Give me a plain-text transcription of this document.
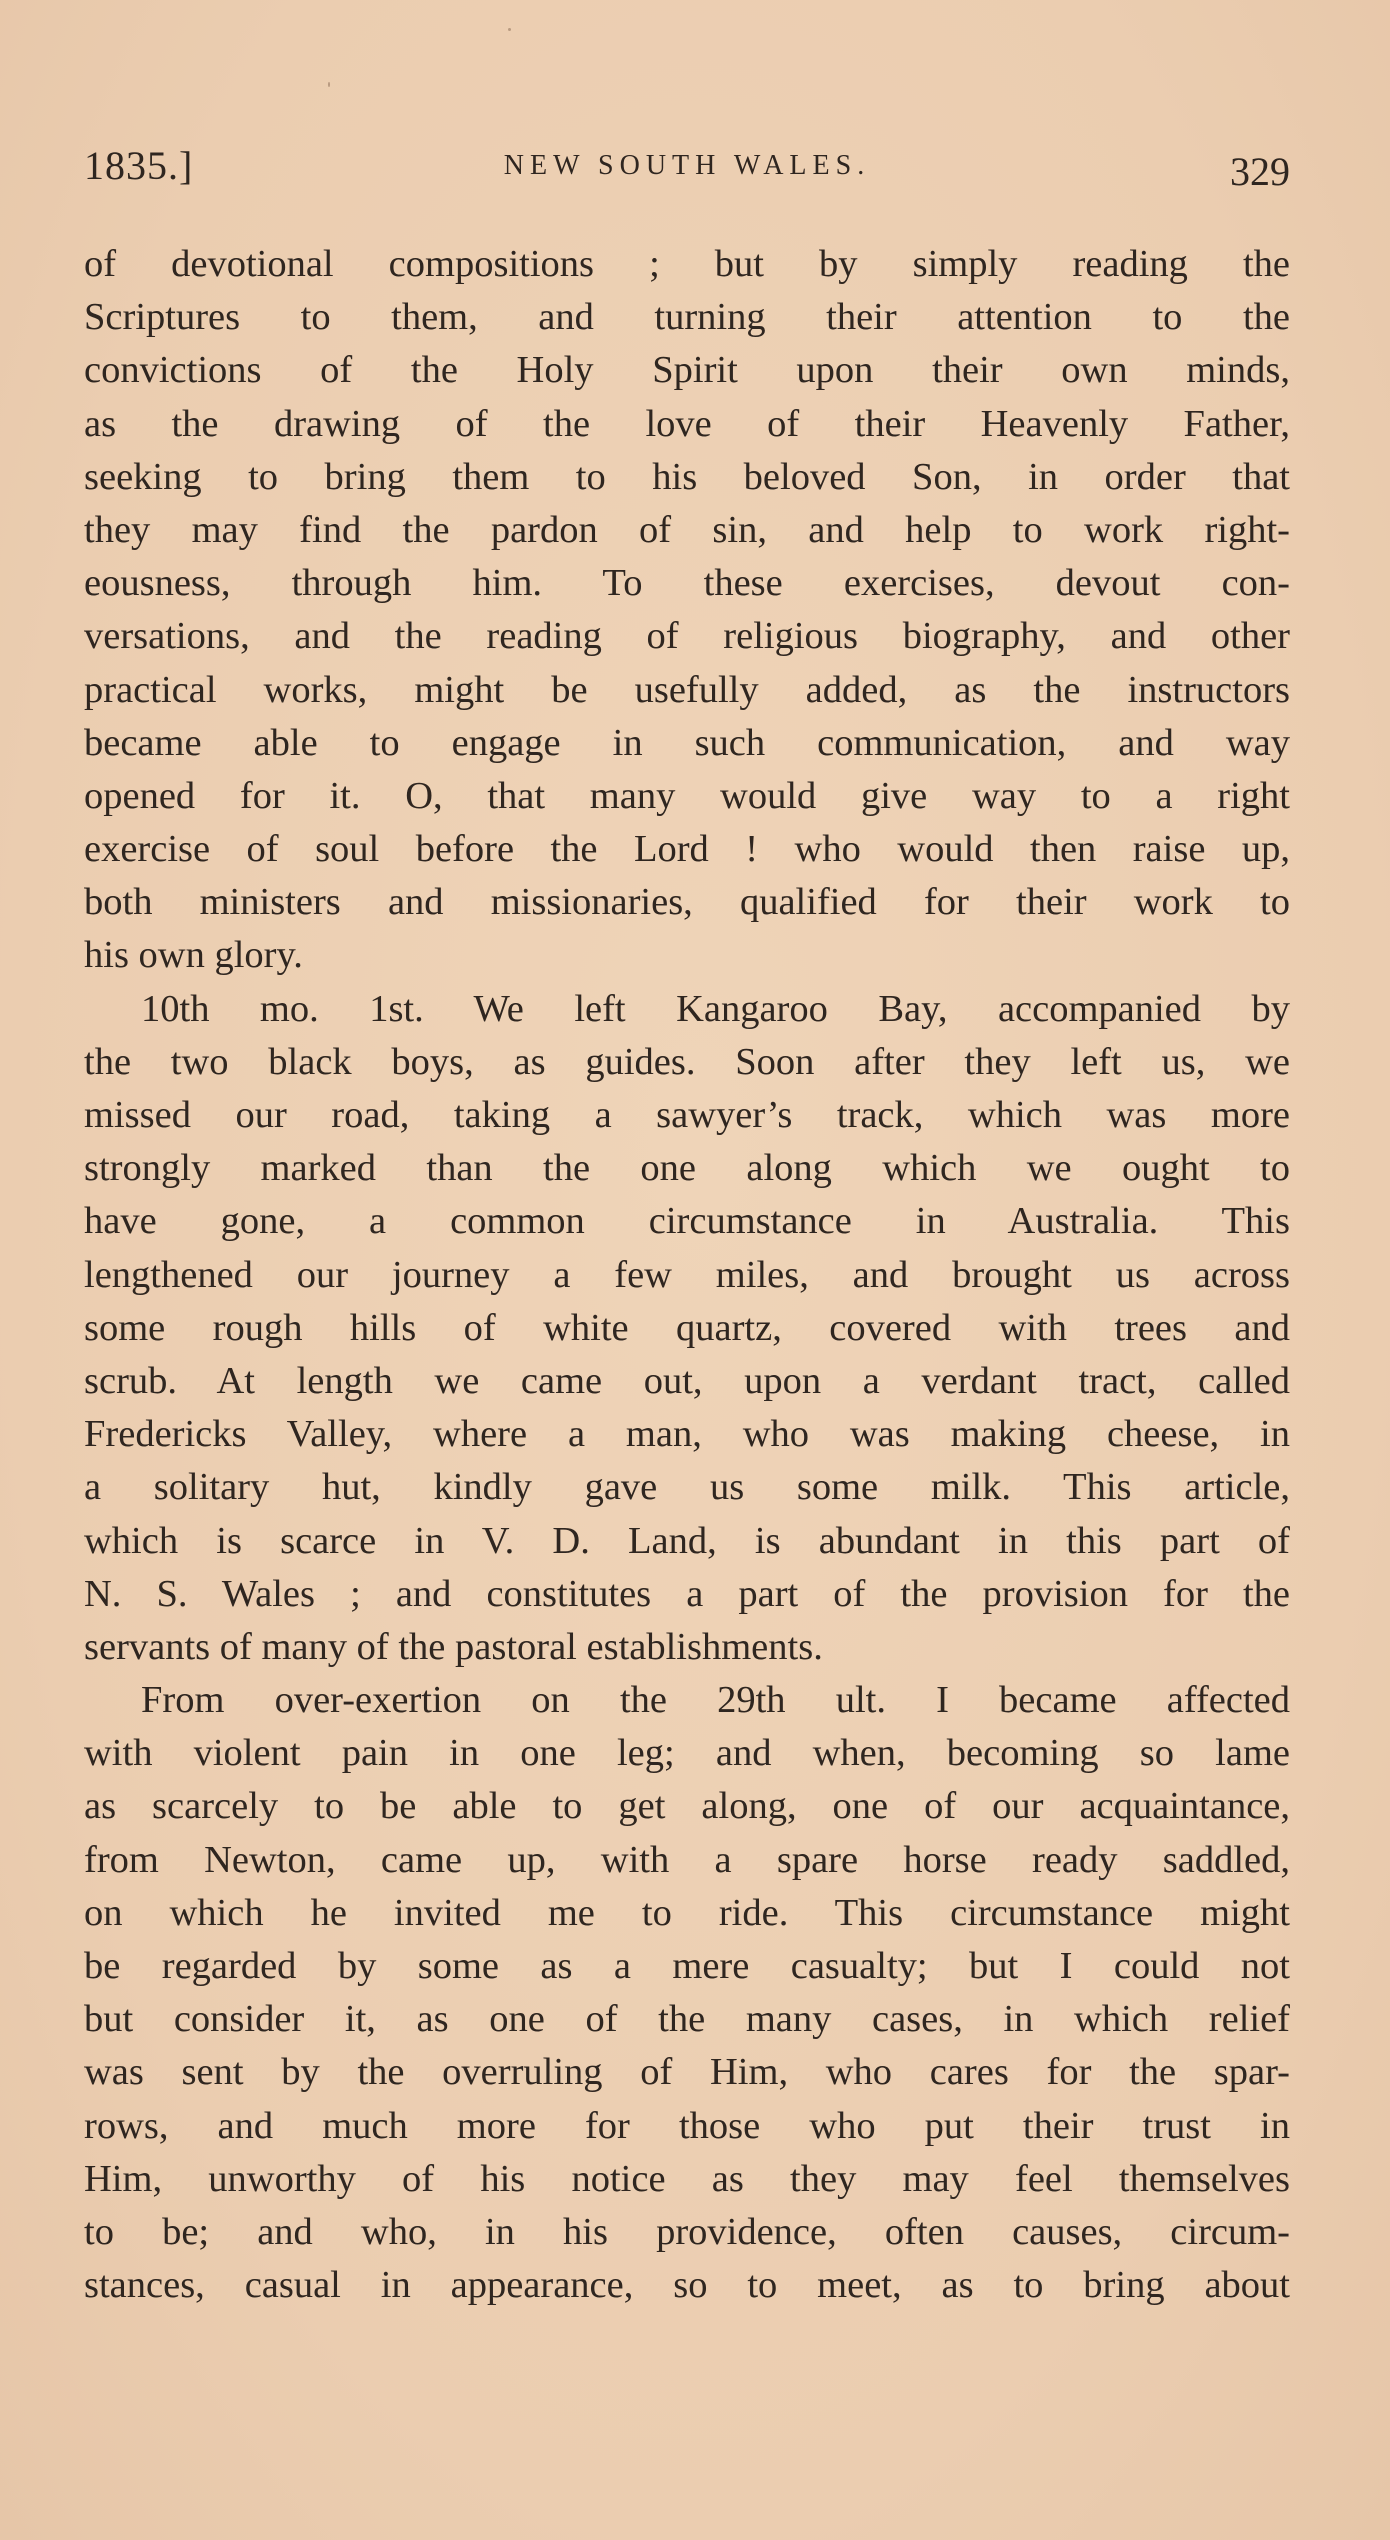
1835.]	NEW SOUTH WALES.	329
of devotional compositions ; but by simply reading the
Scriptures to them, and turning their attention to the
convictions of the Holy Spirit upon their own minds,
as the drawing of the love of their Heavenly Father,
seeking to bring them to his beloved Son, in order that
they may find the pardon of sin, and help to work right-
eousness, through him. To these exercises, devout con-
versations, and the reading of religious biography, and other
practical works, might be usefully added, as the instructors
became able to engage in such communication, and way
opened for it. O, that many would give way to a right
exercise of soul before the Lord ! who would then raise up,
both ministers and missionaries, qualified for their work to
his own glory.
10th mo. 1st. We left Kangaroo Bay, accompanied by
the two black boys, as guides. Soon after they left us, we
missed our road, taking a sawyer’s track, which was more
strongly marked than the one along which we ought to
have gone, a common circumstance in Australia. This
lengthened our journey a few miles, and brought us across
some rough hills of white quartz, covered with trees and
scrub. At length we came out, upon a verdant tract, called
Fredericks Valley, where a man, who was making cheese, in
a solitary hut, kindly gave us some milk. This article,
which is scarce in V. D. Land, is abundant in this part of
N. S. Wales ; and constitutes a part of the provision for the
servants of many of the pastoral establishments.
From over-exertion on the 29th ult. I became affected
with violent pain in one leg; and when, becoming so lame
as scarcely to be able to get along, one of our acquaintance,
from Newton, came up, with a spare horse ready saddled,
on which he invited me to ride. This circumstance might
be regarded by some as a mere casualty; but I could not
but consider it, as one of the many cases, in which relief
was sent by the overruling of Him, who cares for the spar-
rows, and much more for those who put their trust in
Him, unworthy of his notice as they may feel themselves
to be; and who, in his providence, often causes, circum-
stances, casual in appearance, so to meet, as to bring about
